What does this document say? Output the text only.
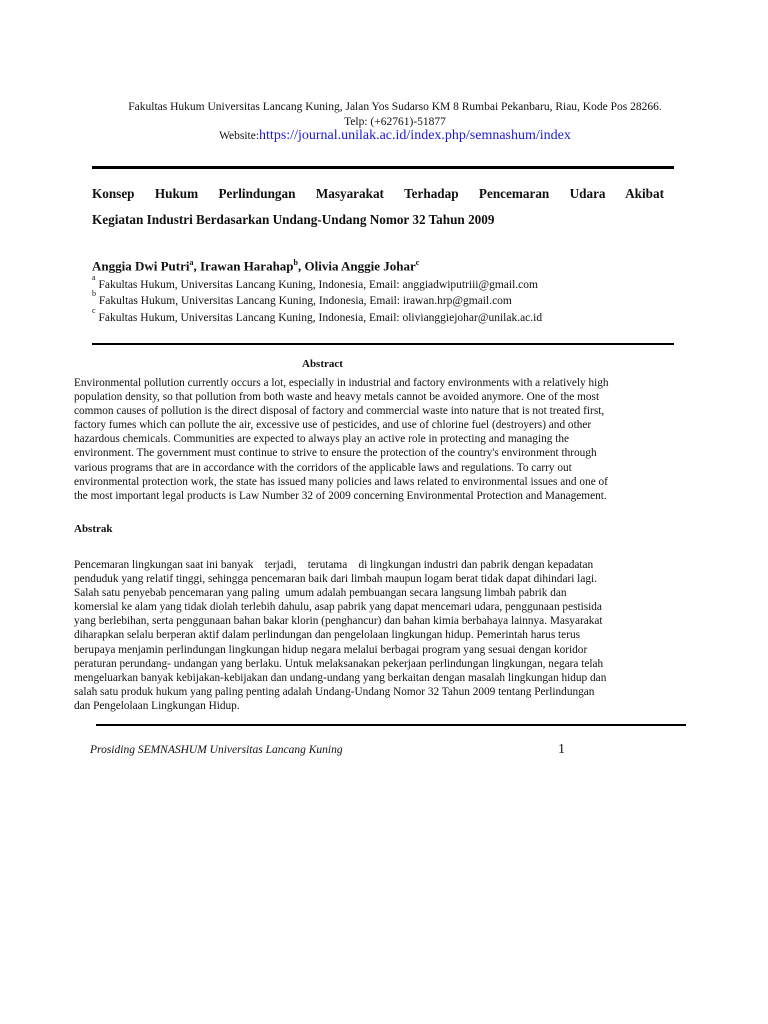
Fakultas Hukum Universitas Lancang Kuning, Jalan Yos Sudarso KM 8 Rumbai Pekanbaru, Riau, Kode Pos 28266.
Telp: (+62761)-51877
Website:https://journal.unilak.ac.id/index.php/semnashum/index
Konsep Hukum Perlindungan Masyarakat Terhadap Pencemaran Udara Akibat
Kegiatan Industri Berdasarkan Undang-Undang Nomor 32 Tahun 2009
Anggia Dwi Putri$^a$, Irawan Harahap$^b$, Olivia Anggie Johar$^c$
$^a$ Fakultas Hukum, Universitas Lancang Kuning, Indonesia, Email: anggiadwiputriii@gmail.com
$^b$ Fakultas Hukum, Universitas Lancang Kuning, Indonesia, Email: irawan.hrp@gmail.com
$^c$ Fakultas Hukum, Universitas Lancang Kuning, Indonesia, Email: olivianggiejohar@unilak.ac.id
Abstract
Environmental pollution currently occurs a lot, especially in industrial and factory environments with a relatively high
population density, so that pollution from both waste and heavy metals cannot be avoided anymore. One of the most
common causes of pollution is the direct disposal of factory and commercial waste into nature that is not treated first,
factory fumes which can pollute the air, excessive use of pesticides, and use of chlorine fuel (destroyers) and other
hazardous chemicals. Communities are expected to always play an active role in protecting and managing the
environment. The government must continue to strive to ensure the protection of the country's environment through
various programs that are in accordance with the corridors of the applicable laws and regulations. To carry out
environmental protection work, the state has issued many policies and laws related to environmental issues and one of
the most important legal products is Law Number 32 of 2009 concerning Environmental Protection and Management.
Abstrak
Pencemaran lingkungan saat ini banyak    terjadi,    terutama    di lingkungan industri dan pabrik dengan kepadatan
penduduk yang relatif tinggi, sehingga pencemaran baik dari limbah maupun logam berat tidak dapat dihindari lagi.
Salah satu penyebab pencemaran yang paling  umum adalah pembuangan secara langsung limbah pabrik dan
komersial ke alam yang tidak diolah terlebih dahulu, asap pabrik yang dapat mencemari udara, penggunaan pestisida
yang berlebihan, serta penggunaan bahan bakar klorin (penghancur) dan bahan kimia berbahaya lainnya. Masyarakat
diharapkan selalu berperan aktif dalam perlindungan dan pengelolaan lingkungan hidup. Pemerintah harus terus
berupaya menjamin perlindungan lingkungan hidup negara melalui berbagai program yang sesuai dengan koridor
peraturan perundang- undangan yang berlaku. Untuk melaksanakan pekerjaan perlindungan lingkungan, negara telah
mengeluarkan banyak kebijakan-kebijakan dan undang-undang yang berkaitan dengan masalah lingkungan hidup dan
salah satu produk hukum yang paling penting adalah Undang-Undang Nomor 32 Tahun 2009 tentang Perlindungan
dan Pengelolaan Lingkungan Hidup.
Prosiding SEMNASHUM Universitas Lancang Kuning	1
